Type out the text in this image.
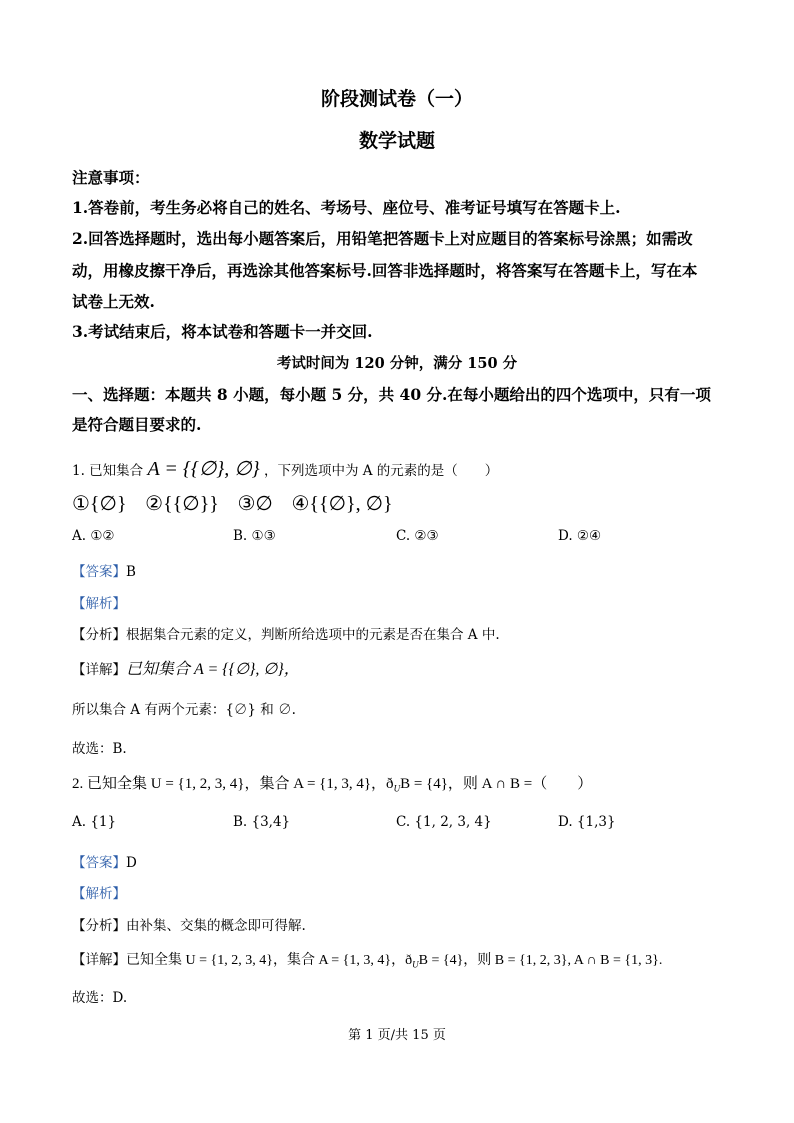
阶段测试卷（一）
数学试题
注意事项：
1.答卷前，考生务必将自己的姓名、考场号、座位号、准考证号填写在答题卡上.
2.回答选择题时，选出每小题答案后，用铅笔把答题卡上对应题目的答案标号涂黑；如需改
动，用橡皮擦干净后，再选涂其他答案标号.回答非选择题时，将答案写在答题卡上，写在本
试卷上无效.
3.考试结束后，将本试卷和答题卡一并交回.
考试时间为 120 分钟，满分 150 分
一、选择题：本题共 8 小题，每小题 5 分，共 40 分.在每小题给出的四个选项中，只有一项
是符合题目要求的.
1. 已知集合 A = {{∅}, ∅} ，下列选项中为 A 的元素的是（　　）
①{∅} ②{{∅}} ③∅ ④{{∅}, ∅}
A. ①②	B. ①③	C. ②③	D. ②④
【答案】B
【解析】
【分析】根据集合元素的定义，判断所给选项中的元素是否在集合 A 中.
【详解】已知集合 A = {{∅}, ∅}，
所以集合 A 有两个元素：{∅} 和 ∅.
故选：B.
2. 已知全集 U = {1, 2, 3, 4}，集合 A = {1, 3, 4}，$ð_UB = \{4\}$，则 A ∩ B =（　　）
A. {1}	B. {3,4}	C. {1, 2, 3, 4}	D. {1,3}
【答案】D
【解析】
【分析】由补集、交集的概念即可得解.
【详解】已知全集 U = {1, 2, 3, 4}，集合 A = {1, 3, 4}，$ð_UB = \{4\}$，则 B = {1, 2, 3}, A ∩ B = {1, 3}.
故选：D.
第 1 页/共 15 页
